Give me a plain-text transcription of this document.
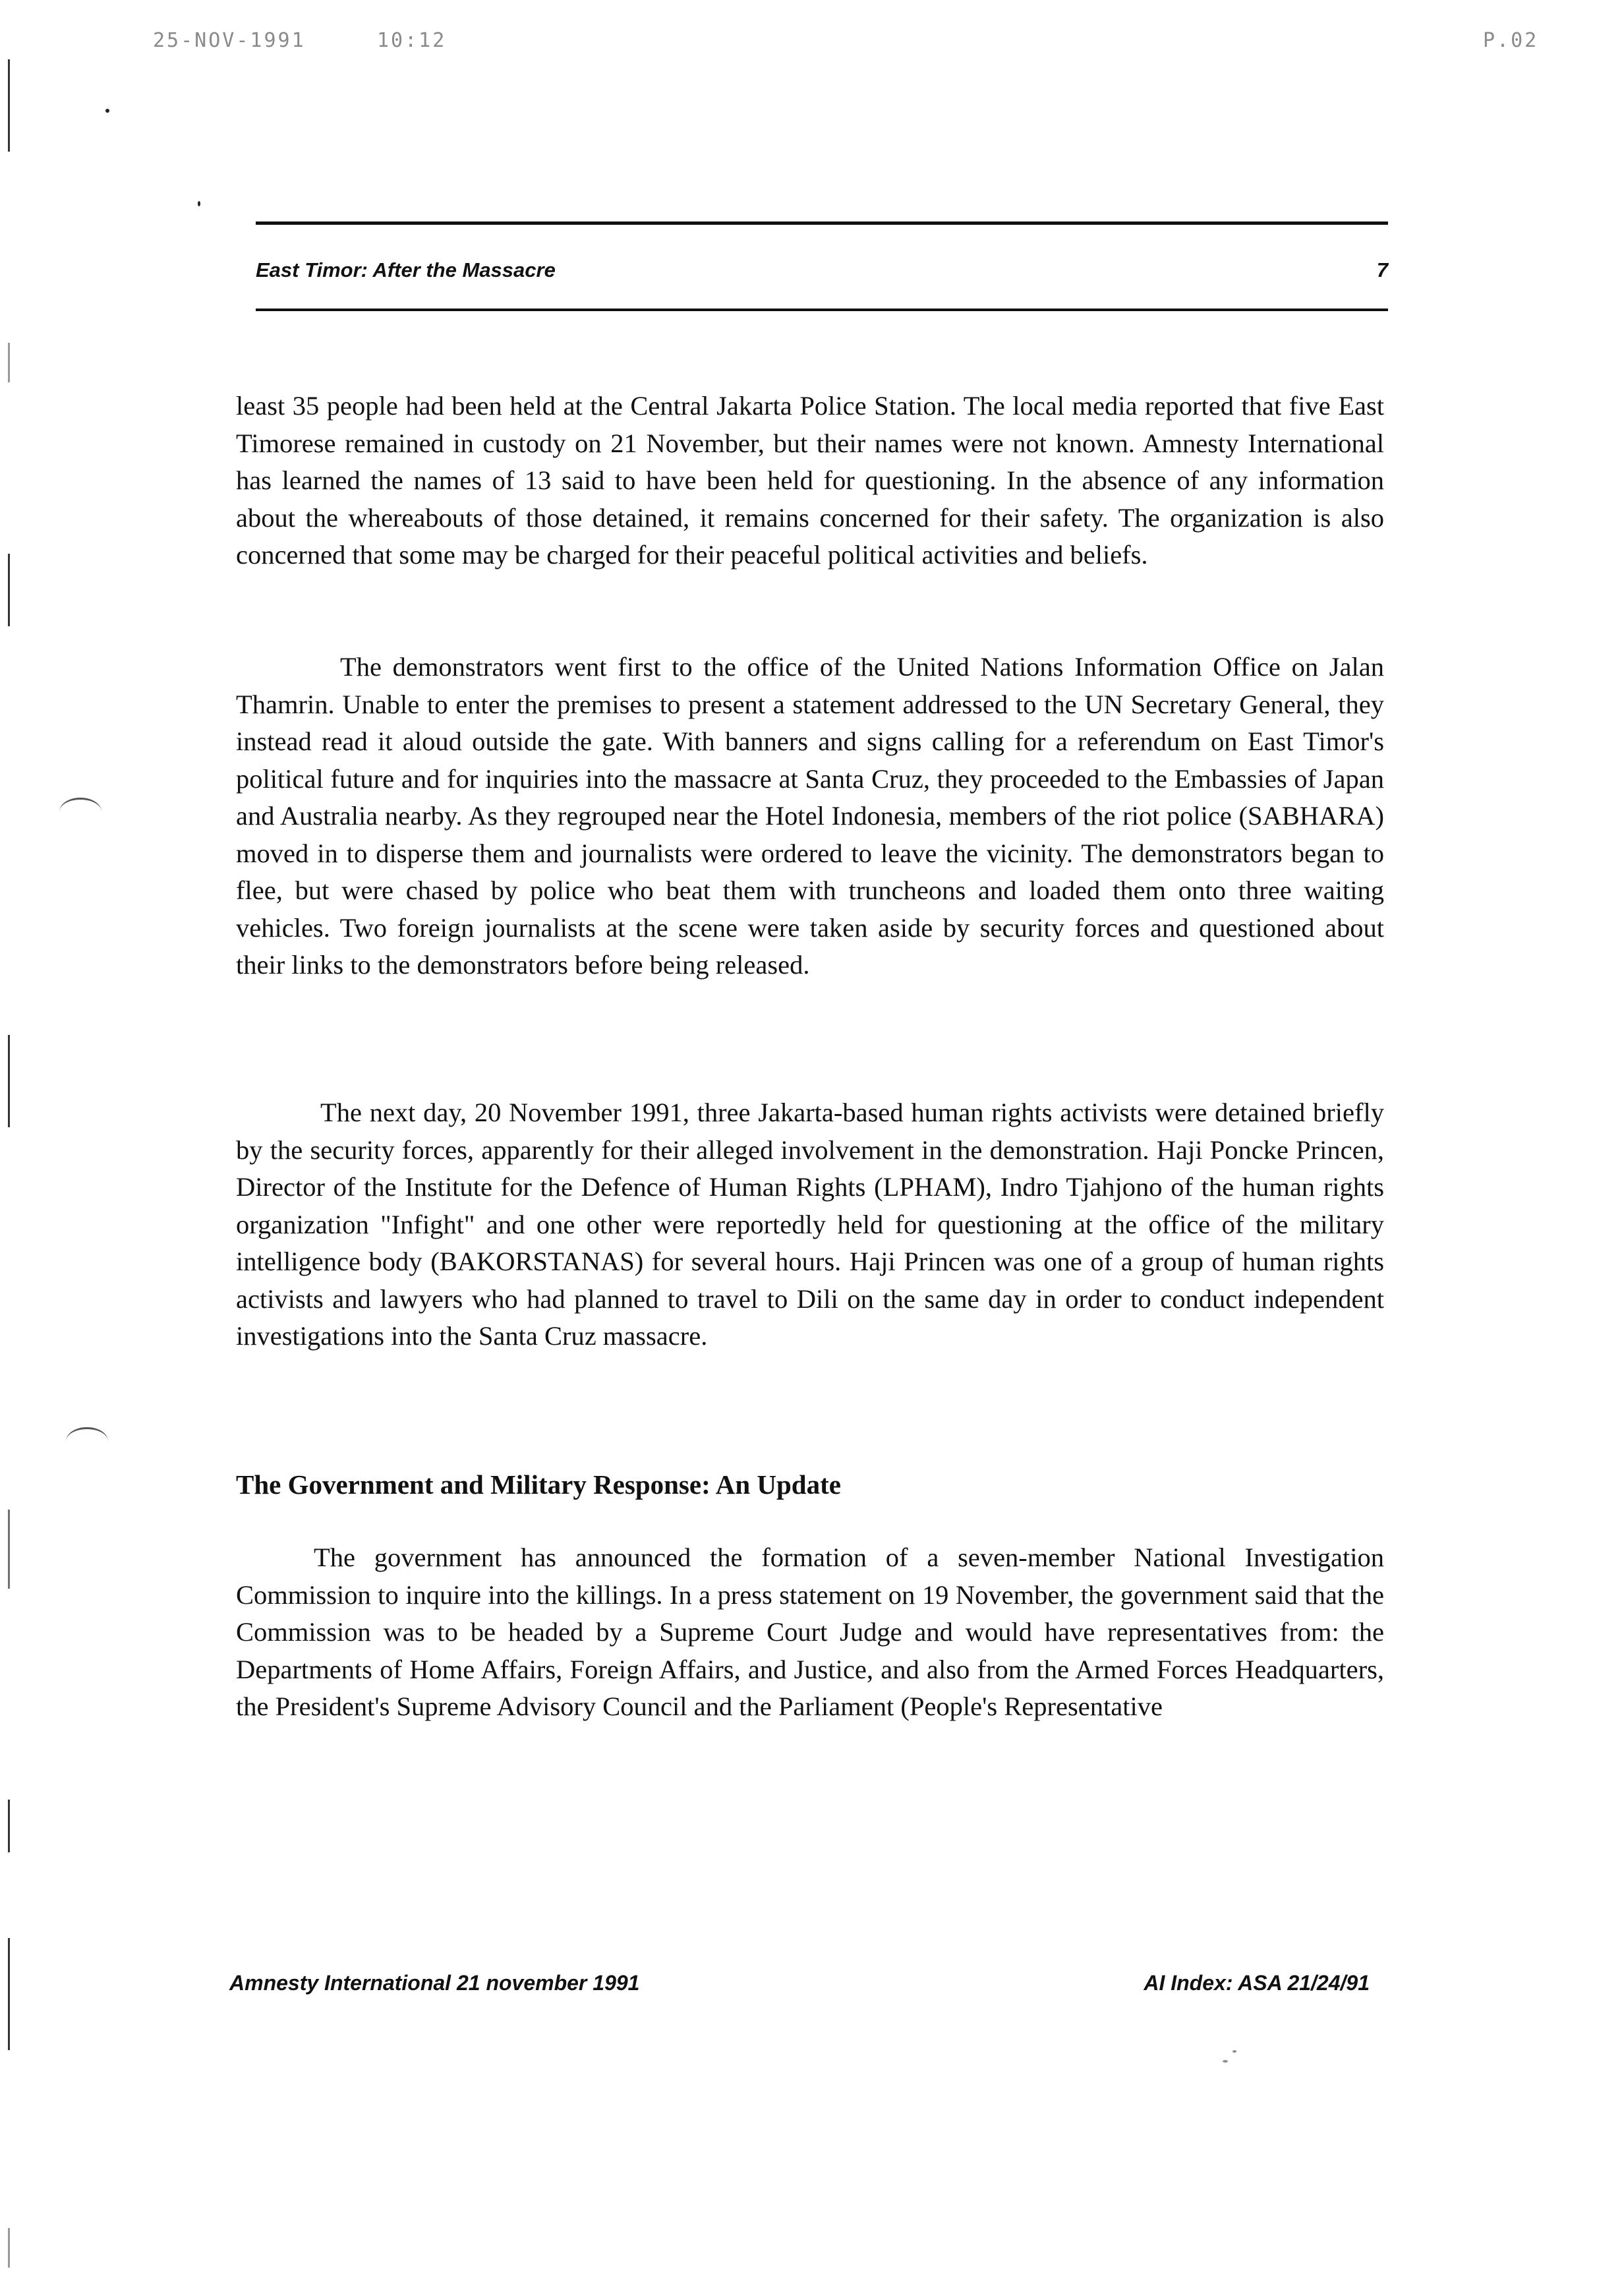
25-NOV-1991	10:12	P.02
East Timor: After the Massacre	7

least 35 people had been held at the Central Jakarta Police Station. The local media reported that five East Timorese remained in custody on 21 November, but their names were not known. Amnesty International has learned the names of 13 said to have been held for questioning. In the absence of any information about the whereabouts of those detained, it remains concerned for their safety. The organization is also concerned that some may be charged for their peaceful political activities and beliefs.

The demonstrators went first to the office of the United Nations Information Office on Jalan Thamrin. Unable to enter the premises to present a statement addressed to the UN Secretary General, they instead read it aloud outside the gate. With banners and signs calling for a referendum on East Timor's political future and for inquiries into the massacre at Santa Cruz, they proceeded to the Embassies of Japan and Australia nearby. As they regrouped near the Hotel Indonesia, members of the riot police (SABHARA) moved in to disperse them and journalists were ordered to leave the vicinity. The demonstrators began to flee, but were chased by police who beat them with truncheons and loaded them onto three waiting vehicles. Two foreign journalists at the scene were taken aside by security forces and questioned about their links to the demonstrators before being released.

The next day, 20 November 1991, three Jakarta-based human rights activists were detained briefly by the security forces, apparently for their alleged involvement in the demonstration. Haji Poncke Princen, Director of the Institute for the Defence of Human Rights (LPHAM), Indro Tjahjono of the human rights organization "Infight" and one other were reportedly held for questioning at the office of the military intelligence body (BAKORSTANAS) for several hours. Haji Princen was one of a group of human rights activists and lawyers who had planned to travel to Dili on the same day in order to conduct independent investigations into the Santa Cruz massacre.

The Government and Military Response: An Update

The government has announced the formation of a seven-member National Investigation Commission to inquire into the killings. In a press statement on 19 November, the government said that the Commission was to be headed by a Supreme Court Judge and would have representatives from: the Departments of Home Affairs, Foreign Affairs, and Justice, and also from the Armed Forces Headquarters, the President's Supreme Advisory Council and the Parliament (People's Representative

Amnesty International 21 november 1991	AI Index: ASA 21/24/91
